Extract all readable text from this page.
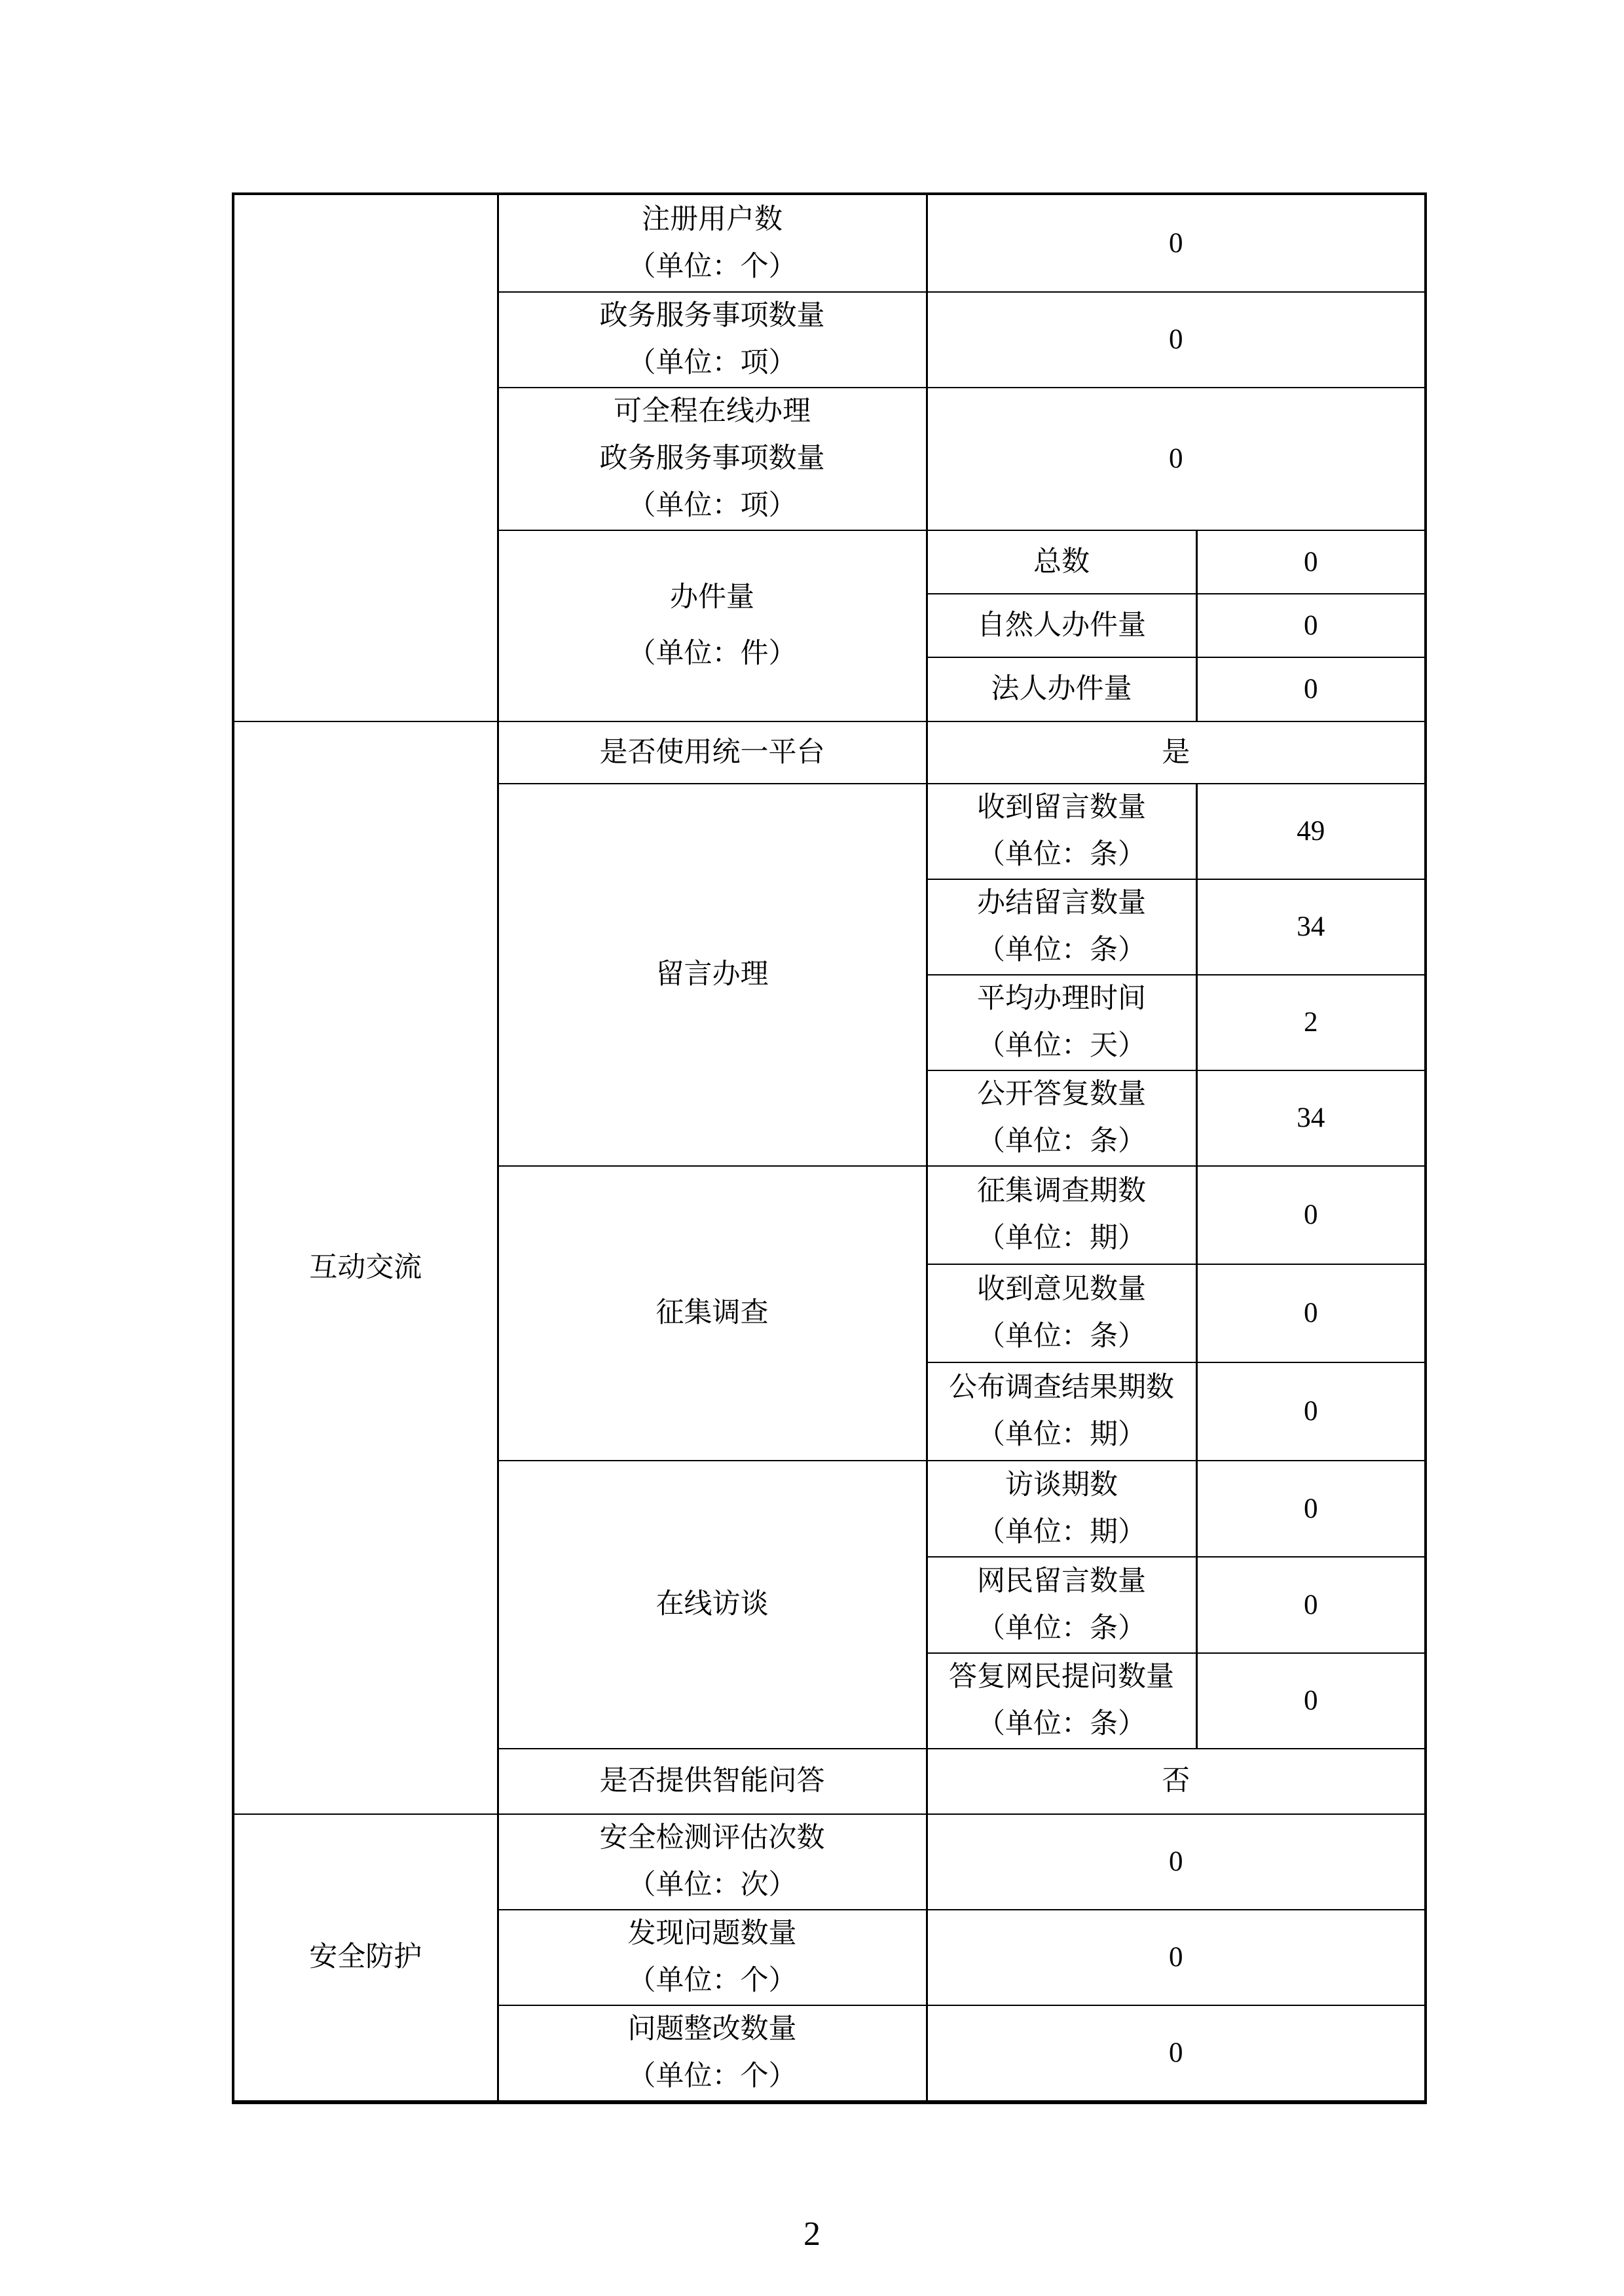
	注册用户数
（单位：个）	0	

	政务服务事项数量
（单位：项）	0	

	可全程在线办理
政务服务事项数量
（单位：项）	0	

	办件量
（单位：件）	总数	0
		自然人办件量	0
		法人办件量	0
互动交流	是否使用统一平台	是	
	留言办理	收到留言数量
（单位：条）	49

		办结留言数量
（单位：条）	34

		平均办理时间
（单位：天）	2

		公开答复数量
（单位：条）	34
	征集调查	征集调查期数
（单位：期）	0

		收到意见数量
（单位：条）	0

		公布调查结果期数
（单位：期）	0
	在线访谈	访谈期数
（单位：期）	0

		网民留言数量
（单位：条）	0

		答复网民提问数量
（单位：条）	0
	是否提供智能问答	否	
安全防护	安全检测评估次数
（单位：次）	0	

	发现问题数量
（单位：个）	0	

	问题整改数量
（单位：个）	0	
2
